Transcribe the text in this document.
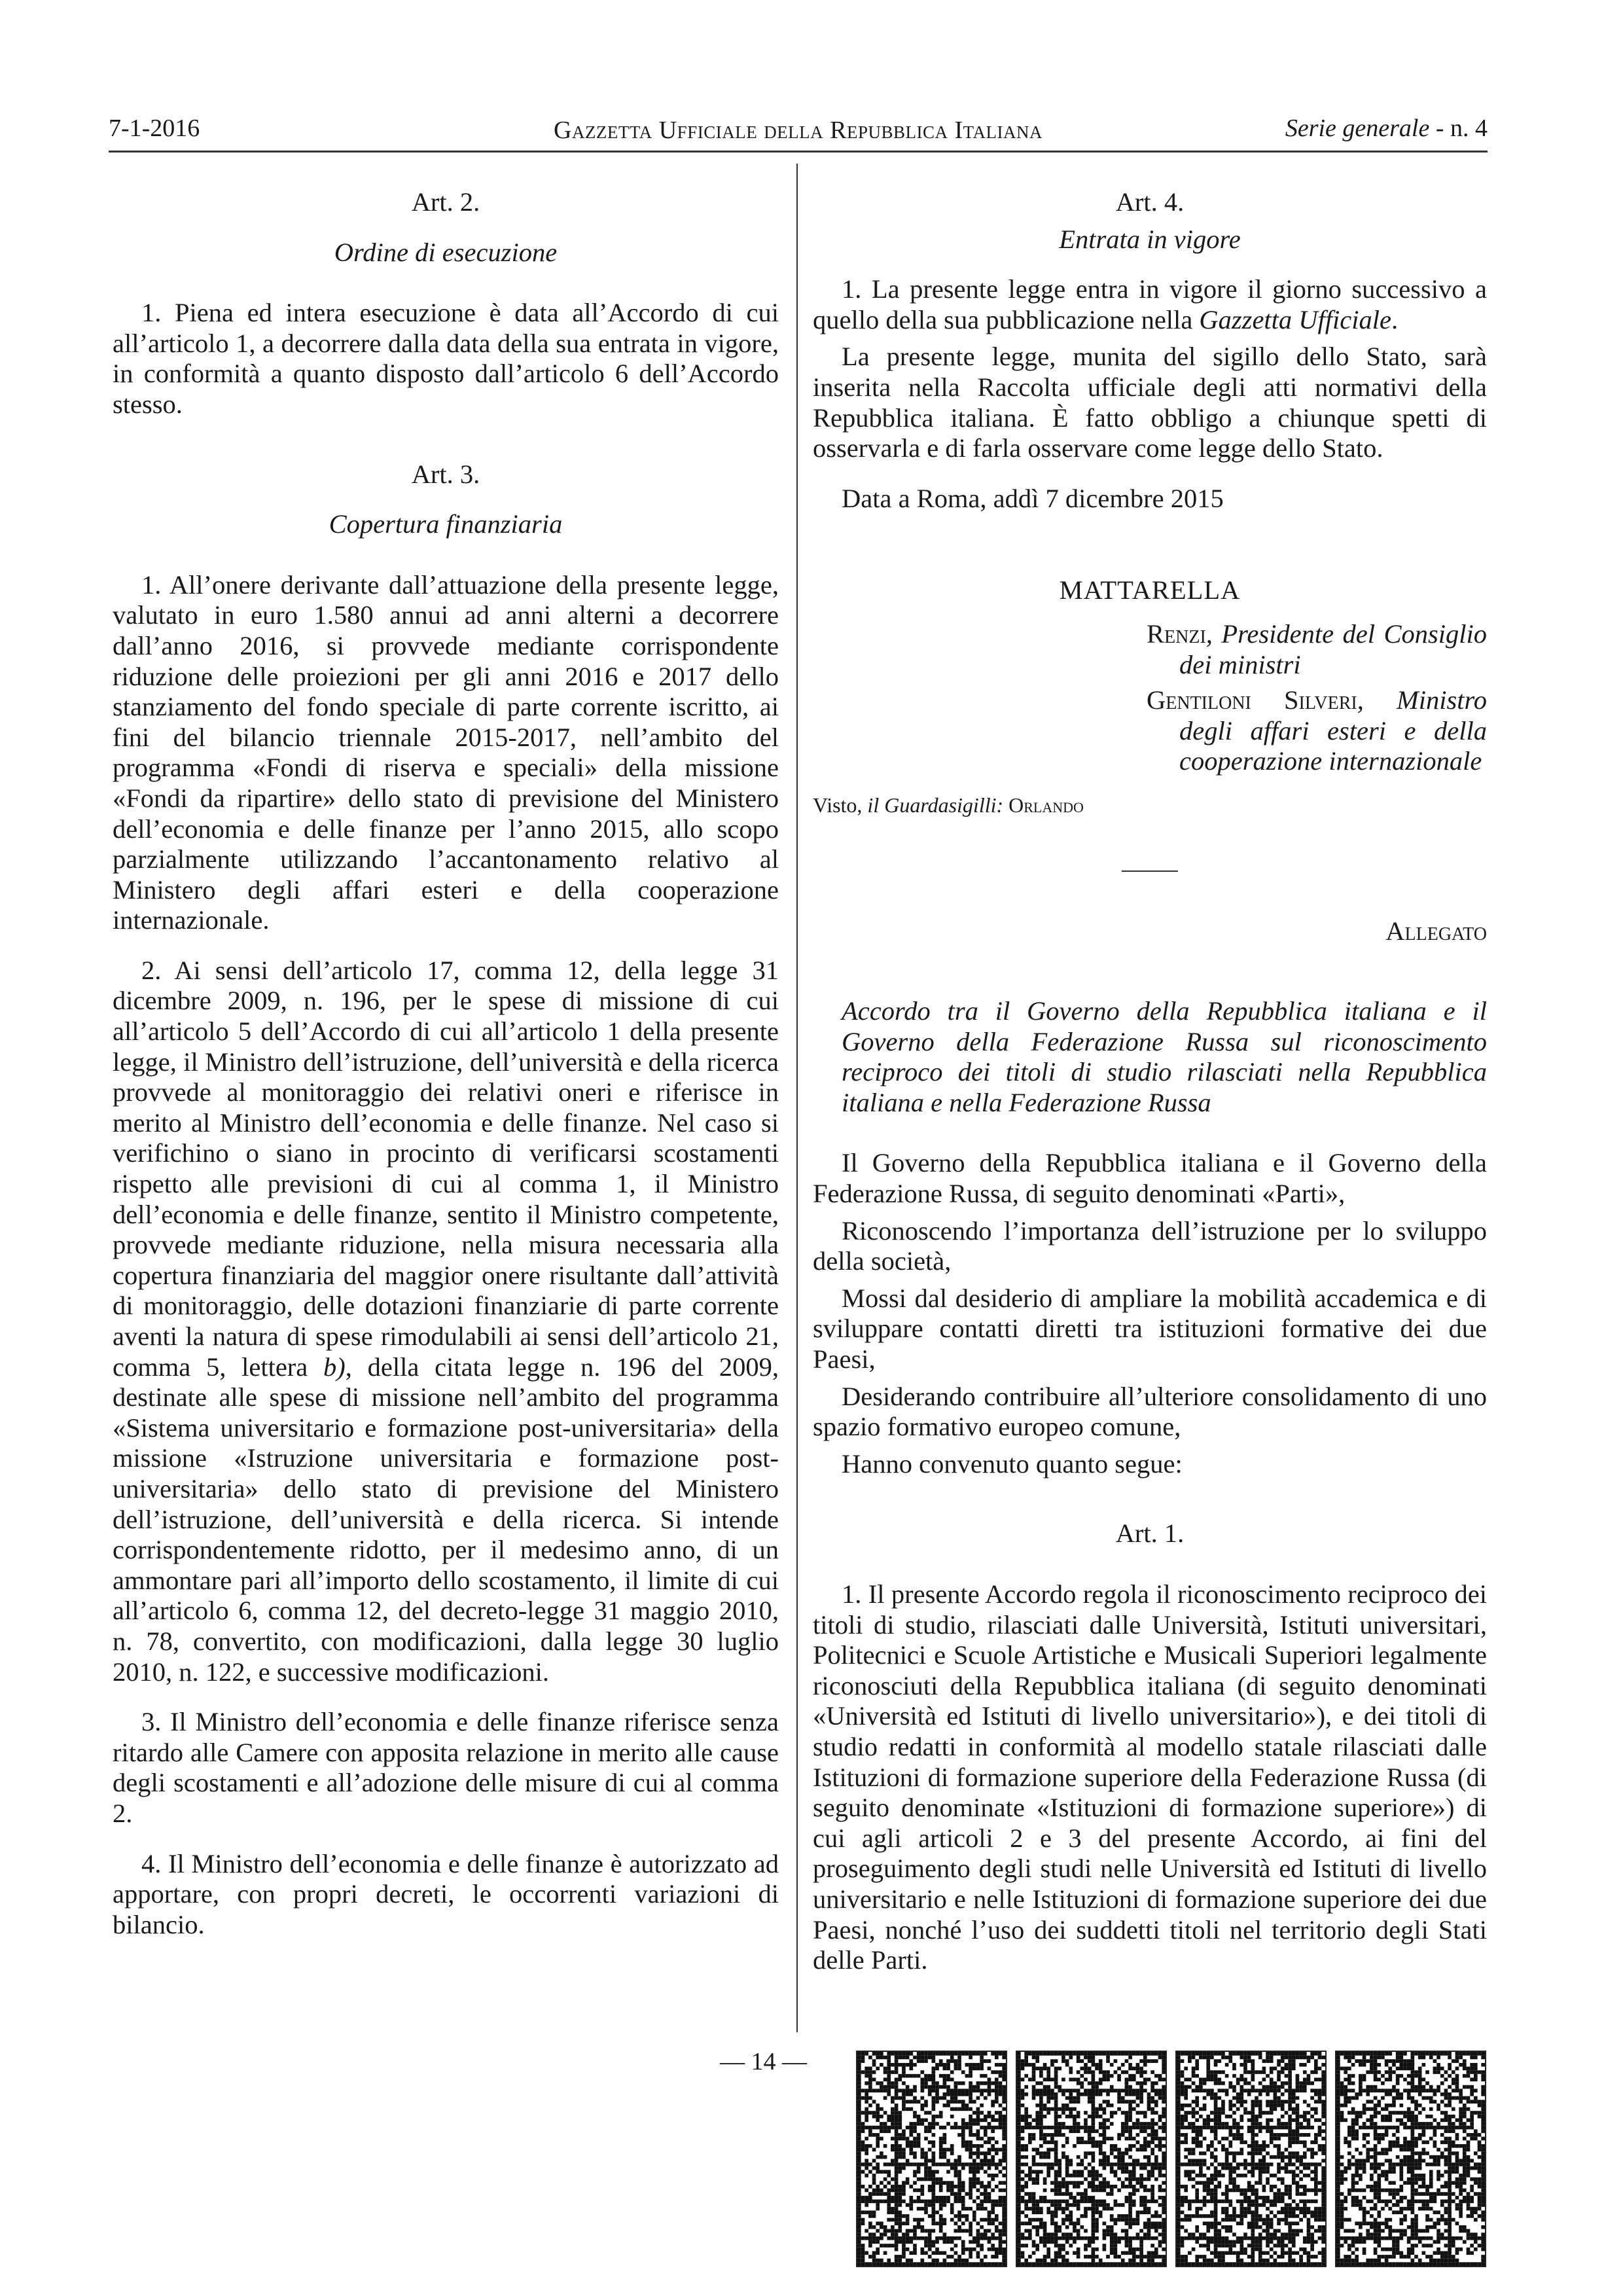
7-1-2016	Gazzetta Ufficiale della Repubblica Italiana	Serie generale - n. 4

Art. 2.

Ordine di esecuzione

1. Piena ed intera esecuzione è data all’Accordo di cui all’articolo 1, a decorrere dalla data della sua entrata in vigore, in conformità a quanto disposto dall’articolo 6 dell’Accordo stesso.

Art. 3.

Copertura finanziaria

1. All’onere derivante dall’attuazione della presente legge, valutato in euro 1.580 annui ad anni alterni a decorrere dall’anno 2016, si provvede mediante corrispondente riduzione delle proiezioni per gli anni 2016 e 2017 dello stanziamento del fondo speciale di parte corrente iscritto, ai fini del bilancio triennale 2015-2017, nell’ambito del programma «Fondi di riserva e speciali» della missione «Fondi da ripartire» dello stato di previsione del Ministero dell’economia e delle finanze per l’anno 2015, allo scopo parzialmente utilizzando l’accantonamento relativo al Ministero degli affari esteri e della cooperazione internazionale.

2. Ai sensi dell’articolo 17, comma 12, della legge 31 dicembre 2009, n. 196, per le spese di missione di cui all’articolo 5 dell’Accordo di cui all’articolo 1 della presente legge, il Ministro dell’istruzione, dell’università e della ricerca provvede al monitoraggio dei relativi oneri e riferisce in merito al Ministro dell’economia e delle finanze. Nel caso si verifichino o siano in procinto di verificarsi scostamenti rispetto alle previsioni di cui al comma 1, il Ministro dell’economia e delle finanze, sentito il Ministro competente, provvede mediante riduzione, nella misura necessaria alla copertura finanziaria del maggior onere risultante dall’attività di monitoraggio, delle dotazioni finanziarie di parte corrente aventi la natura di spese rimodulabili ai sensi dell’articolo 21, comma 5, lettera b), della citata legge n. 196 del 2009, destinate alle spese di missione nell’ambito del programma «Sistema universitario e formazione post-universitaria» della missione «Istruzione universitaria e formazione post-universitaria» dello stato di previsione del Ministero dell’istruzione, dell’università e della ricerca. Si intende corrispondentemente ridotto, per il medesimo anno, di un ammontare pari all’importo dello scostamento, il limite di cui all’articolo 6, comma 12, del decreto-legge 31 maggio 2010, n. 78, convertito, con modificazioni, dalla legge 30 luglio 2010, n. 122, e successive modificazioni.

3. Il Ministro dell’economia e delle finanze riferisce senza ritardo alle Camere con apposita relazione in merito alle cause degli scostamenti e all’adozione delle misure di cui al comma 2.

4. Il Ministro dell’economia e delle finanze è autorizzato ad apportare, con propri decreti, le occorrenti variazioni di bilancio.

Art. 4.

Entrata in vigore

1. La presente legge entra in vigore il giorno successivo a quello della sua pubblicazione nella Gazzetta Ufficiale.

La presente legge, munita del sigillo dello Stato, sarà inserita nella Raccolta ufficiale degli atti normativi della Repubblica italiana. È fatto obbligo a chiunque spetti di osservarla e di farla osservare come legge dello Stato.

Data a Roma, addì 7 dicembre 2015

MATTARELLA

Renzi, Presidente del Consiglio dei ministri

Gentiloni Silveri, Ministro degli affari esteri e della cooperazione internazionale

Visto, il Guardasigilli: Orlando

Allegato

Accordo tra il Governo della Repubblica italiana e il Governo della Federazione Russa sul riconoscimento reciproco dei titoli di studio rilasciati nella Repubblica italiana e nella Federazione Russa

Il Governo della Repubblica italiana e il Governo della Federazione Russa, di seguito denominati «Parti»,

Riconoscendo l’importanza dell’istruzione per lo sviluppo della società,

Mossi dal desiderio di ampliare la mobilità accademica e di sviluppare contatti diretti tra istituzioni formative dei due Paesi,

Desiderando contribuire all’ulteriore consolidamento di uno spazio formativo europeo comune,

Hanno convenuto quanto segue:

Art. 1.

1. Il presente Accordo regola il riconoscimento reciproco dei titoli di studio, rilasciati dalle Università, Istituti universitari, Politecnici e Scuole Artistiche e Musicali Superiori legalmente riconosciuti della Repubblica italiana (di seguito denominati «Università ed Istituti di livello universitario»), e dei titoli di studio redatti in conformità al modello statale rilasciati dalle Istituzioni di formazione superiore della Federazione Russa (di seguito denominate «Istituzioni di formazione superiore») di cui agli articoli 2 e 3 del presente Accordo, ai fini del proseguimento degli studi nelle Università ed Istituti di livello universitario e nelle Istituzioni di formazione superiore dei due Paesi, nonché l’uso dei suddetti titoli nel territorio degli Stati delle Parti.

— 14 —
